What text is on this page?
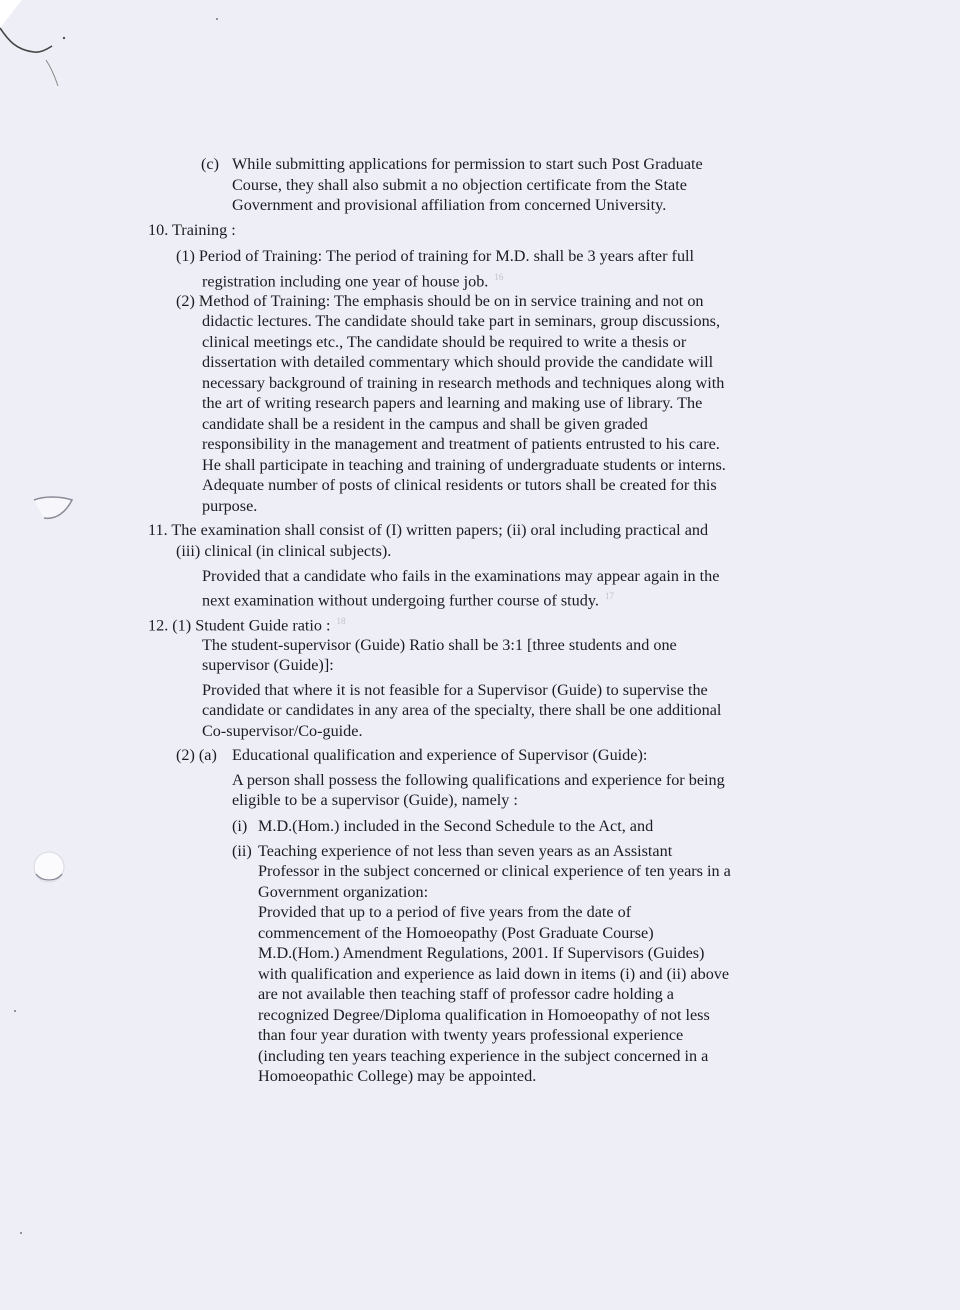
(c) While submitting applications for permission to start such Post Graduate
Course, they shall also submit a no objection certificate from the State
Government and provisional affiliation from concerned University.
10. Training :
(1) Period of Training: The period of training for M.D. shall be 3 years after full
registration including one year of house job. $^{16}$
(2) Method of Training: The emphasis should be on in service training and not on
didactic lectures. The candidate should take part in seminars, group discussions,
clinical meetings etc., The candidate should be required to write a thesis or
dissertation with detailed commentary which should provide the candidate will
necessary background of training in research methods and techniques along with
the art of writing research papers and learning and making use of library. The
candidate shall be a resident in the campus and shall be given graded
responsibility in the management and treatment of patients entrusted to his care.
He shall participate in teaching and training of undergraduate students or interns.
Adequate number of posts of clinical residents or tutors shall be created for this
purpose.
11. The examination shall consist of (I) written papers; (ii) oral including practical and
(iii) clinical (in clinical subjects).
Provided that a candidate who fails in the examinations may appear again in the
next examination without undergoing further course of study. $^{17}$
12. (1) Student Guide ratio : $^{18}$
The student-supervisor (Guide) Ratio shall be 3:1 [three students and one
supervisor (Guide)]:
Provided that where it is not feasible for a Supervisor (Guide) to supervise the
candidate or candidates in any area of the specialty, there shall be one additional
Co-supervisor/Co-guide.
(2) (a) Educational qualification and experience of Supervisor (Guide):
A person shall possess the following qualifications and experience for being
eligible to be a supervisor (Guide), namely :
(i) M.D.(Hom.) included in the Second Schedule to the Act, and
(ii) Teaching experience of not less than seven years as an Assistant
Professor in the subject concerned or clinical experience of ten years in a
Government organization:
Provided that up to a period of five years from the date of
commencement of the Homoeopathy (Post Graduate Course)
M.D.(Hom.) Amendment Regulations, 2001. If Supervisors (Guides)
with qualification and experience as laid down in items (i) and (ii) above
are not available then teaching staff of professor cadre holding a
recognized Degree/Diploma qualification in Homoeopathy of not less
than four year duration with twenty years professional experience
(including ten years teaching experience in the subject concerned in a
Homoeopathic College) may be appointed.
